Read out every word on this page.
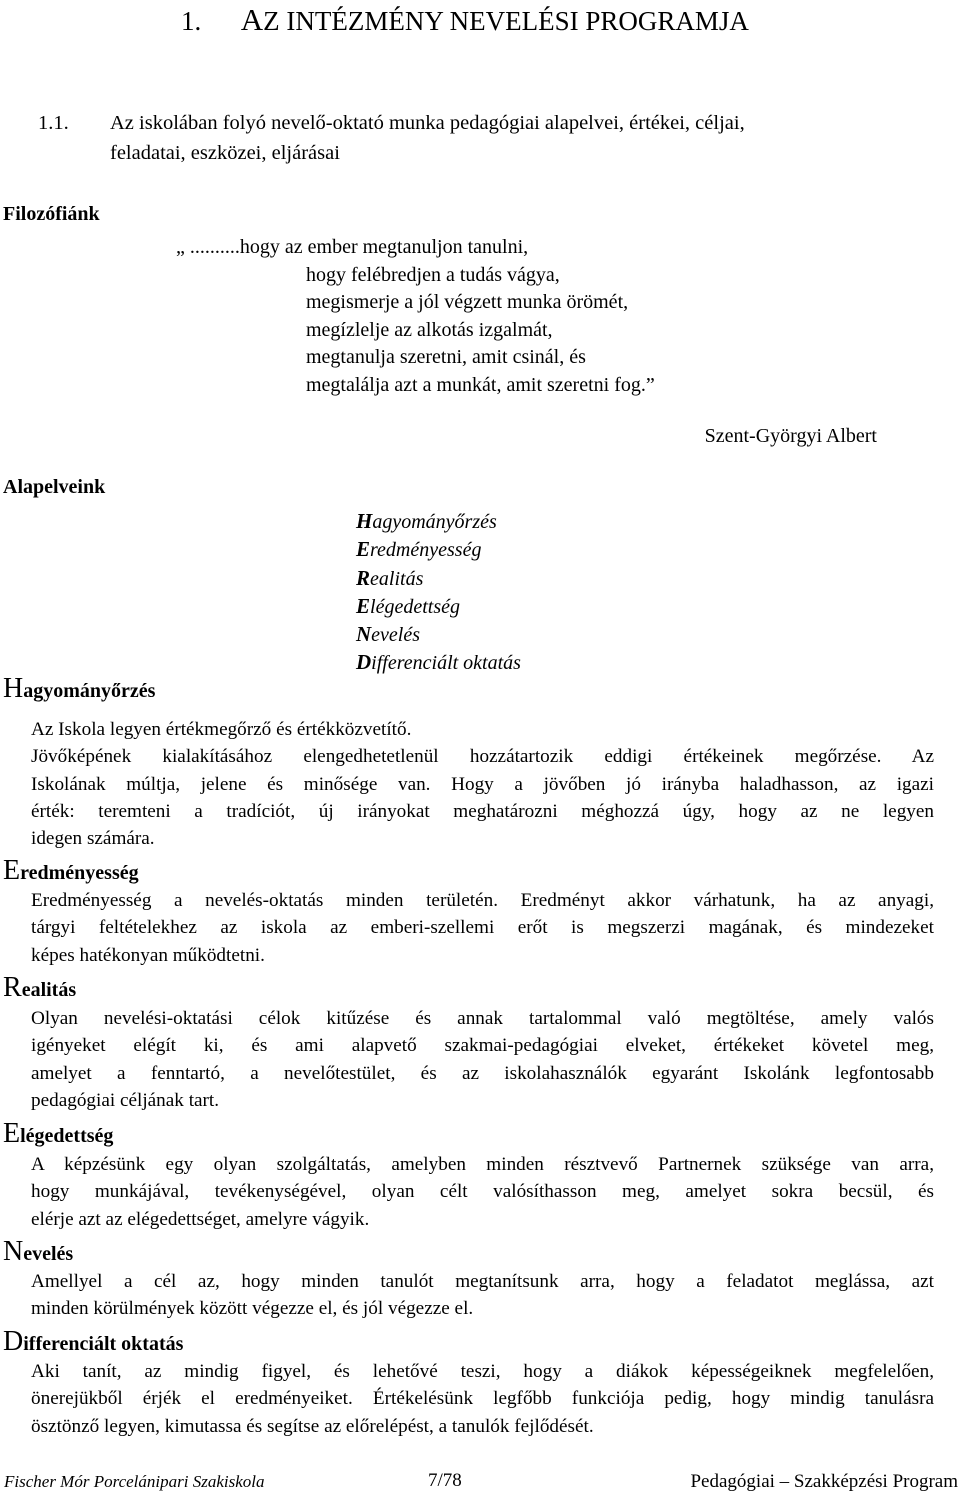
1. AZ INTÉZMÉNY NEVELÉSI PROGRAMJA
1.1. Az iskolában folyó nevelő-oktató munka pedagógiai alapelvei, értékei, céljai,
feladatai, eszközei, eljárásai
Filozófiánk
„ ..........hogy az ember megtanuljon tanulni,
hogy felébredjen a tudás vágya,
megismerje a jól végzett munka örömét,
megízlelje az alkotás izgalmát,
megtanulja szeretni, amit csinál, és
megtalálja azt a munkát, amit szeretni fog.”
Szent-Györgyi Albert
Alapelveink
Hagyományőrzés
Eredményesség
Realitás
Elégedettség
Nevelés
Differenciált oktatás
Hagyományőrzés
Az Iskola legyen értékmegőrző és értékközvetítő.
Jövőképének kialakításához elengedhetetlenül hozzátartozik eddigi értékeinek megőrzése. Az
Iskolának múltja, jelene és minősége van. Hogy a jövőben jó irányba haladhasson, az igazi
érték: teremteni a tradíciót, új irányokat meghatározni méghozzá úgy, hogy az ne legyen
idegen számára.
Eredményesség
Eredményesség a nevelés-oktatás minden területén. Eredményt akkor várhatunk, ha az anyagi,
tárgyi feltételekhez az iskola az emberi-szellemi erőt is megszerzi magának, és mindezeket
képes hatékonyan működtetni.
Realitás
Olyan nevelési-oktatási célok kitűzése és annak tartalommal való megtöltése, amely valós
igényeket elégít ki, és ami alapvető szakmai-pedagógiai elveket, értékeket követel meg,
amelyet a fenntartó, a nevelőtestület, és az iskolahasználók egyaránt Iskolánk legfontosabb
pedagógiai céljának tart.
Elégedettség
A képzésünk egy olyan szolgáltatás, amelyben minden résztvevő Partnernek szüksége van arra,
hogy munkájával, tevékenységével, olyan célt valósíthasson meg, amelyet sokra becsül, és
elérje azt az elégedettséget, amelyre vágyik.
Nevelés
Amellyel a cél az, hogy minden tanulót megtanítsunk arra, hogy a feladatot meglássa, azt
minden körülmények között végezze el, és jól végezze el.
Differenciált oktatás
Aki tanít, az mindig figyel, és lehetővé teszi, hogy a diákok képességeiknek megfelelően,
önerejükből érjék el eredményeiket. Értékelésünk legfőbb funkciója pedig, hogy mindig tanulásra
ösztönző legyen, kimutassa és segítse az előrelépést, a tanulók fejlődését.
Fischer Mór Porcelánipari Szakiskola	7/78	Pedagógiai – Szakképzési Program
